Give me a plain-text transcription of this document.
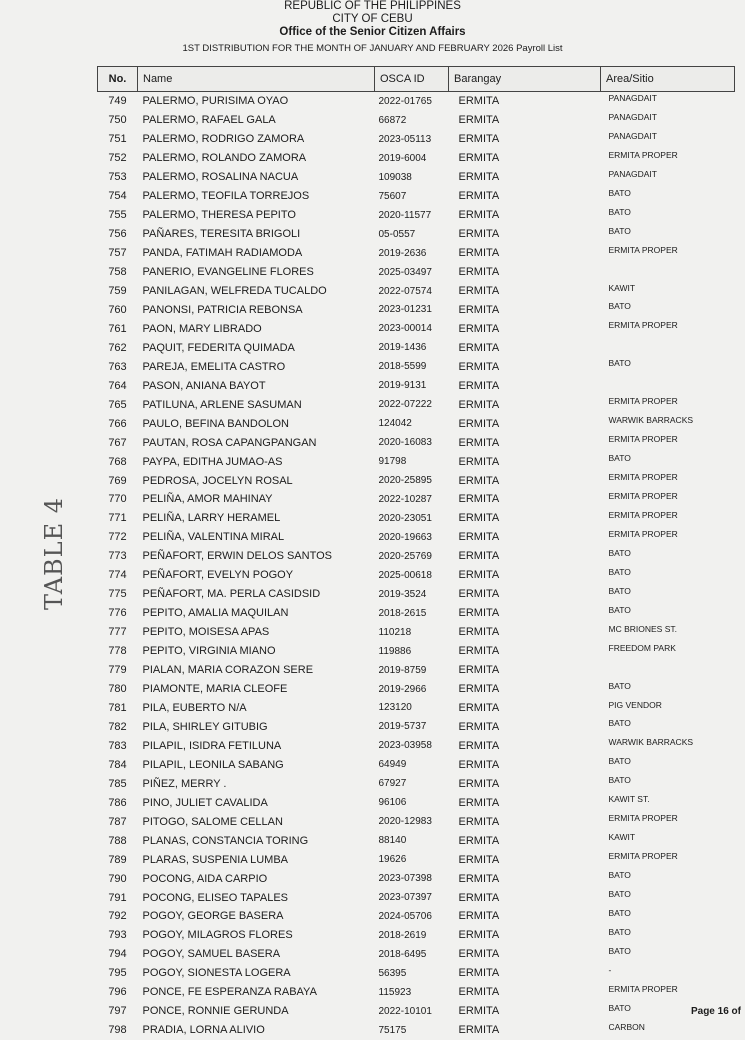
REPUBLIC OF THE PHILIPPINES
CITY OF CEBU
Office of the Senior Citizen Affairs
1ST DISTRIBUTION FOR THE MONTH OF JANUARY AND FEBRUARY 2026 Payroll List
TABLE 4
No.	Name	OSCA ID	Barangay	Area/Sitio
749	PALERMO, PURISIMA OYAO	2022-01765	ERMITA	PANAGDAIT
750	PALERMO, RAFAEL GALA	66872	ERMITA	PANAGDAIT
751	PALERMO, RODRIGO ZAMORA	2023-05113	ERMITA	PANAGDAIT
752	PALERMO, ROLANDO ZAMORA	2019-6004	ERMITA	ERMITA PROPER
753	PALERMO, ROSALINA NACUA	109038	ERMITA	PANAGDAIT
754	PALERMO, TEOFILA TORREJOS	75607	ERMITA	BATO
755	PALERMO, THERESA PEPITO	2020-11577	ERMITA	BATO
756	PAÑARES, TERESITA BRIGOLI	05-0557	ERMITA	BATO
757	PANDA, FATIMAH RADIAMODA	2019-2636	ERMITA	ERMITA PROPER
758	PANERIO, EVANGELINE FLORES	2025-03497	ERMITA	
759	PANILAGAN, WELFREDA TUCALDO	2022-07574	ERMITA	KAWIT
760	PANONSI, PATRICIA REBONSA	2023-01231	ERMITA	BATO
761	PAON, MARY LIBRADO	2023-00014	ERMITA	ERMITA PROPER
762	PAQUIT, FEDERITA QUIMADA	2019-1436	ERMITA	
763	PAREJA, EMELITA CASTRO	2018-5599	ERMITA	BATO
764	PASON, ANIANA BAYOT	2019-9131	ERMITA	
765	PATILUNA, ARLENE SASUMAN	2022-07222	ERMITA	ERMITA PROPER
766	PAULO, BEFINA BANDOLON	124042	ERMITA	WARWIK BARRACKS
767	PAUTAN, ROSA CAPANGPANGAN	2020-16083	ERMITA	ERMITA PROPER
768	PAYPA, EDITHA JUMAO-AS	91798	ERMITA	BATO
769	PEDROSA, JOCELYN ROSAL	2020-25895	ERMITA	ERMITA PROPER
770	PELIÑA, AMOR MAHINAY	2022-10287	ERMITA	ERMITA PROPER
771	PELIÑA, LARRY HERAMEL	2020-23051	ERMITA	ERMITA PROPER
772	PELIÑA, VALENTINA MIRAL	2020-19663	ERMITA	ERMITA PROPER
773	PEÑAFORT, ERWIN DELOS SANTOS	2020-25769	ERMITA	BATO
774	PEÑAFORT, EVELYN POGOY	2025-00618	ERMITA	BATO
775	PEÑAFORT, MA. PERLA CASIDSID	2019-3524	ERMITA	BATO
776	PEPITO, AMALIA MAQUILAN	2018-2615	ERMITA	BATO
777	PEPITO, MOISESA APAS	110218	ERMITA	MC BRIONES ST.
778	PEPITO, VIRGINIA MIANO	119886	ERMITA	FREEDOM PARK
779	PIALAN, MARIA CORAZON SERE	2019-8759	ERMITA	
780	PIAMONTE, MARIA CLEOFE	2019-2966	ERMITA	BATO
781	PILA, EUBERTO N/A	123120	ERMITA	PIG VENDOR
782	PILA, SHIRLEY GITUBIG	2019-5737	ERMITA	BATO
783	PILAPIL, ISIDRA FETILUNA	2023-03958	ERMITA	WARWIK BARRACKS
784	PILAPIL, LEONILA SABANG	64949	ERMITA	BATO
785	PIÑEZ, MERRY .	67927	ERMITA	BATO
786	PINO, JULIET CAVALIDA	96106	ERMITA	KAWIT ST.
787	PITOGO, SALOME CELLAN	2020-12983	ERMITA	ERMITA PROPER
788	PLANAS, CONSTANCIA TORING	88140	ERMITA	KAWIT
789	PLARAS, SUSPENIA LUMBA	19626	ERMITA	ERMITA PROPER
790	POCONG, AIDA CARPIO	2023-07398	ERMITA	BATO
791	POCONG, ELISEO TAPALES	2023-07397	ERMITA	BATO
792	POGOY, GEORGE BASERA	2024-05706	ERMITA	BATO
793	POGOY, MILAGROS FLORES	2018-2619	ERMITA	BATO
794	POGOY, SAMUEL BASERA	2018-6495	ERMITA	BATO
795	POGOY, SIONESTA LOGERA	56395	ERMITA	-
796	PONCE, FE ESPERANZA RABAYA	115923	ERMITA	ERMITA PROPER
797	PONCE, RONNIE GERUNDA	2022-10101	ERMITA	BATO
798	PRADIA, LORNA ALIVIO	75175	ERMITA	CARBON
Page 16 of
